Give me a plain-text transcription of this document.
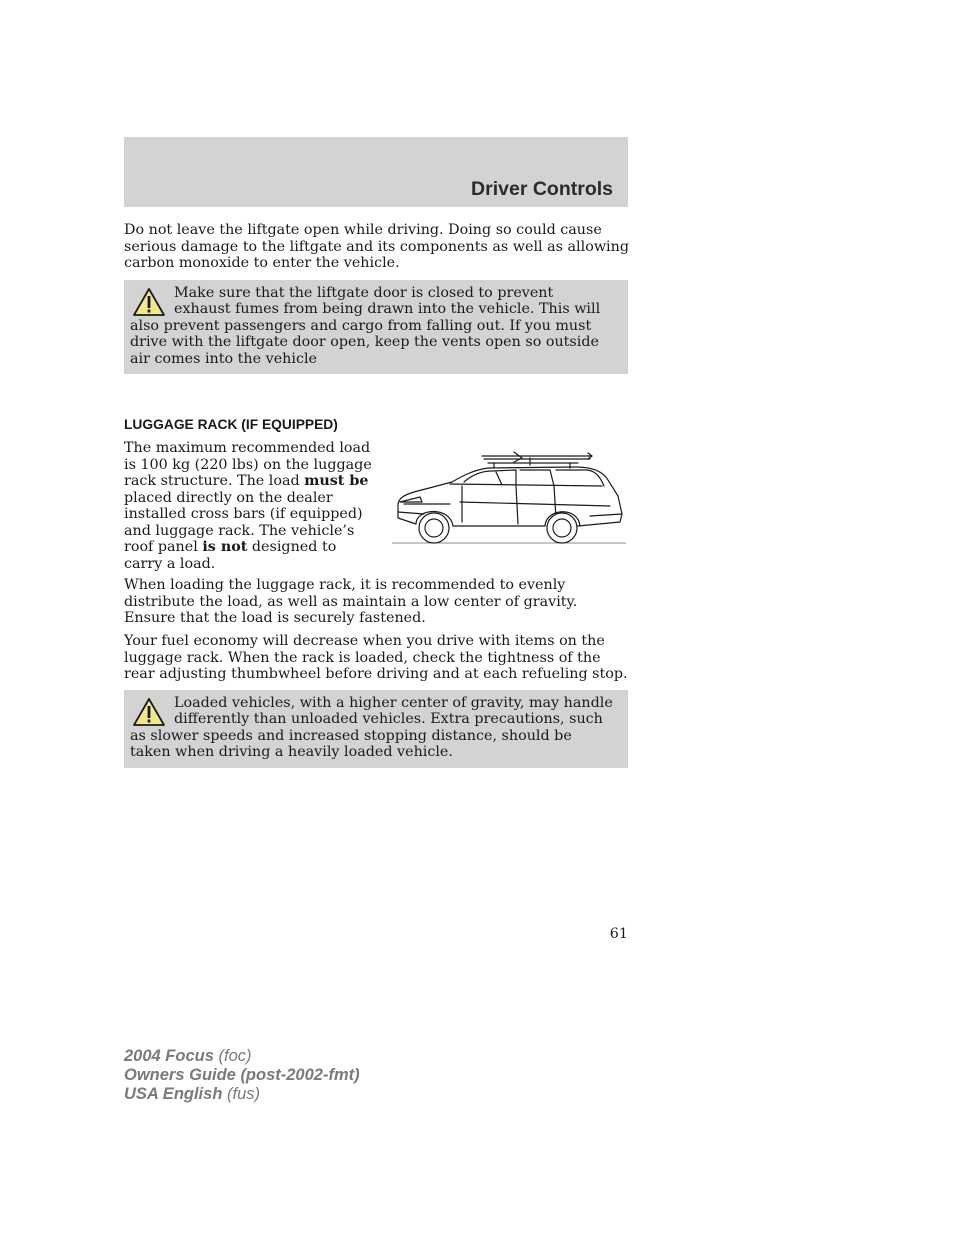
Driver Controls

Do not leave the liftgate open while driving. Doing so could cause serious damage to the liftgate and its components as well as allowing carbon monoxide to enter the vehicle.

Make sure that the liftgate door is closed to prevent exhaust fumes from being drawn into the vehicle. This will also prevent passengers and cargo from falling out. If you must drive with the liftgate door open, keep the vents open so outside air comes into the vehicle

LUGGAGE RACK (IF EQUIPPED)

The maximum recommended load is 100 kg (220 lbs) on the luggage rack structure. The load must be placed directly on the dealer installed cross bars (if equipped) and luggage rack. The vehicle’s roof panel is not designed to carry a load.

When loading the luggage rack, it is recommended to evenly distribute the load, as well as maintain a low center of gravity. Ensure that the load is securely fastened.

Your fuel economy will decrease when you drive with items on the luggage rack. When the rack is loaded, check the tightness of the rear adjusting thumbwheel before driving and at each refueling stop.

Loaded vehicles, with a higher center of gravity, may handle differently than unloaded vehicles. Extra precautions, such as slower speeds and increased stopping distance, should be taken when driving a heavily loaded vehicle.

61
2004 Focus (foc)
Owners Guide (post-2002-fmt)
USA English (fus)
